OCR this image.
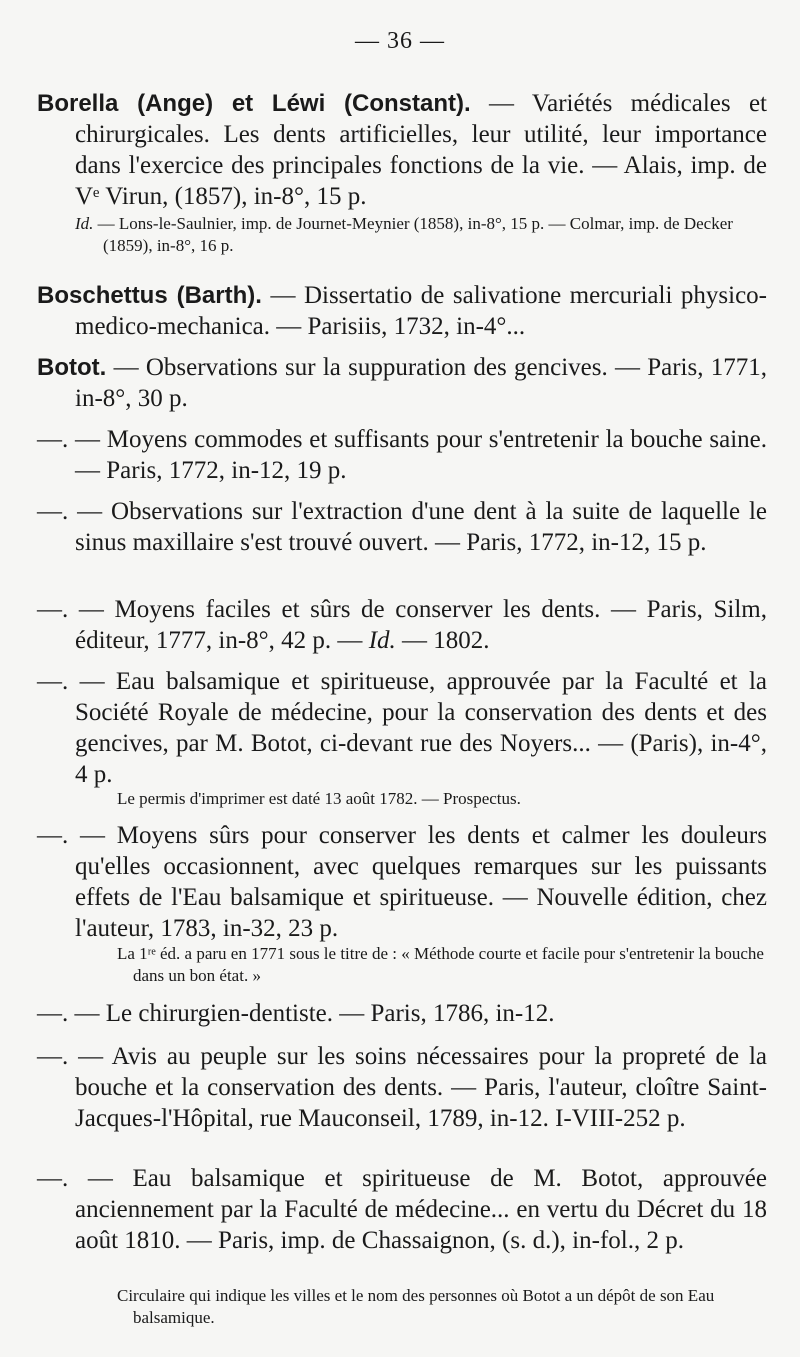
— 36 —

Borella (Ange) et Léwi (Constant). — Variétés médicales et chirurgicales. Les dents artificielles, leur utilité, leur importance dans l'exercice des principales fonctions de la vie. — Alais, imp. de Vᵉ Virun, (1857), in-8°, 15 p.

Id. — Lons-le-Saulnier, imp. de Journet-Meynier (1858), in-8°, 15 p. — Colmar, imp. de Decker (1859), in-8°, 16 p.

Boschettus (Barth). — Dissertatio de salivatione mercuriali physico-medico-mechanica. — Parisiis, 1732, in-4°...

Botot. — Observations sur la suppuration des gencives. — Paris, 1771, in-8°, 30 p.

—. — Moyens commodes et suffisants pour s'entretenir la bouche saine. — Paris, 1772, in-12, 19 p.

—. — Observations sur l'extraction d'une dent à la suite de laquelle le sinus maxillaire s'est trouvé ouvert. — Paris, 1772, in-12, 15 p.

—. — Moyens faciles et sûrs de conserver les dents. — Paris, Silm, éditeur, 1777, in-8°, 42 p. — Id. — 1802.

—. — Eau balsamique et spiritueuse, approuvée par la Faculté et la Société Royale de médecine, pour la conservation des dents et des gencives, par M. Botot, ci-devant rue des Noyers... — (Paris), in-4°, 4 p.

Le permis d'imprimer est daté 13 août 1782. — Prospectus.

—. — Moyens sûrs pour conserver les dents et calmer les douleurs qu'elles occasionnent, avec quelques remarques sur les puissants effets de l'Eau balsamique et spiritueuse. — Nouvelle édition, chez l'auteur, 1783, in-32, 23 p.

La 1ʳᵉ éd. a paru en 1771 sous le titre de : « Méthode courte et facile pour s'entretenir la bouche dans un bon état. »

—. — Le chirurgien-dentiste. — Paris, 1786, in-12.

—. — Avis au peuple sur les soins nécessaires pour la propreté de la bouche et la conservation des dents. — Paris, l'auteur, cloître Saint-Jacques-l'Hôpital, rue Mauconseil, 1789, in-12. I-VIII-252 p.

—. — Eau balsamique et spiritueuse de M. Botot, approuvée anciennement par la Faculté de médecine... en vertu du Décret du 18 août 1810. — Paris, imp. de Chassaignon, (s. d.), in-fol., 2 p.

Circulaire qui indique les villes et le nom des personnes où Botot a un dépôt de son Eau balsamique.
